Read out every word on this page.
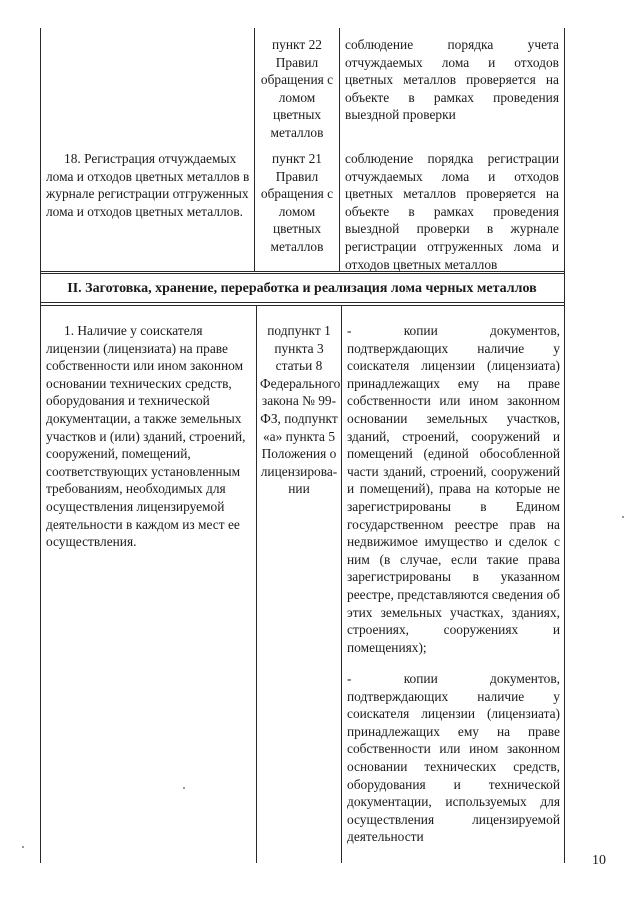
пункт 22 Правил обращения с ломом цветных металлов
соблюдение порядка учета отчуждаемых лома и отходов цветных металлов проверяется на объекте в рамках проведения выездной проверки
18. Регистрация отчуждаемых лома и отходов цветных металлов в журнале регистрации отгруженных лома и отходов цветных металлов.
пункт 21 Правил обращения с ломом цветных металлов
соблюдение порядка регистрации отчуждаемых лома и отходов цветных металлов проверяется на объекте в рамках проведения выездной проверки в журнале регистрации отгруженных лома и отходов цветных металлов
II. Заготовка, хранение, переработка и реализация лома черных металлов
1. Наличие у соискателя лицензии (лицензиата) на праве собственности или ином законном основании технических средств, оборудования и технической документации, а также земельных участков и (или) зданий, строений, сооружений, помещений, соответствующих установленным требованиям, необходимых для осуществления лицензируемой деятельности в каждом из мест ее осуществления.
подпункт 1 пункта 3 статьи 8 Федерального закона № 99-ФЗ, подпункт «а» пункта 5 Положения о лицензирова-нии
- копии документов, подтверждающих наличие у соискателя лицензии (лицензиата) принадлежащих ему на праве собственности или ином законном основании земельных участков, зданий, строений, сооружений и помещений (единой обособленной части зданий, строений, сооружений и помещений), права на которые не зарегистрированы в Едином государственном реестре прав на недвижимое имущество и сделок с ним (в случае, если такие права зарегистрированы в указанном реестре, представляются сведения об этих земельных участках, зданиях, строениях, сооружениях и помещениях);
- копии документов, подтверждающих наличие у соискателя лицензии (лицензиата) принадлежащих ему на праве собственности или ином законном основании технических средств, оборудования и технической документации, используемых для осуществления лицензируемой деятельности
10
